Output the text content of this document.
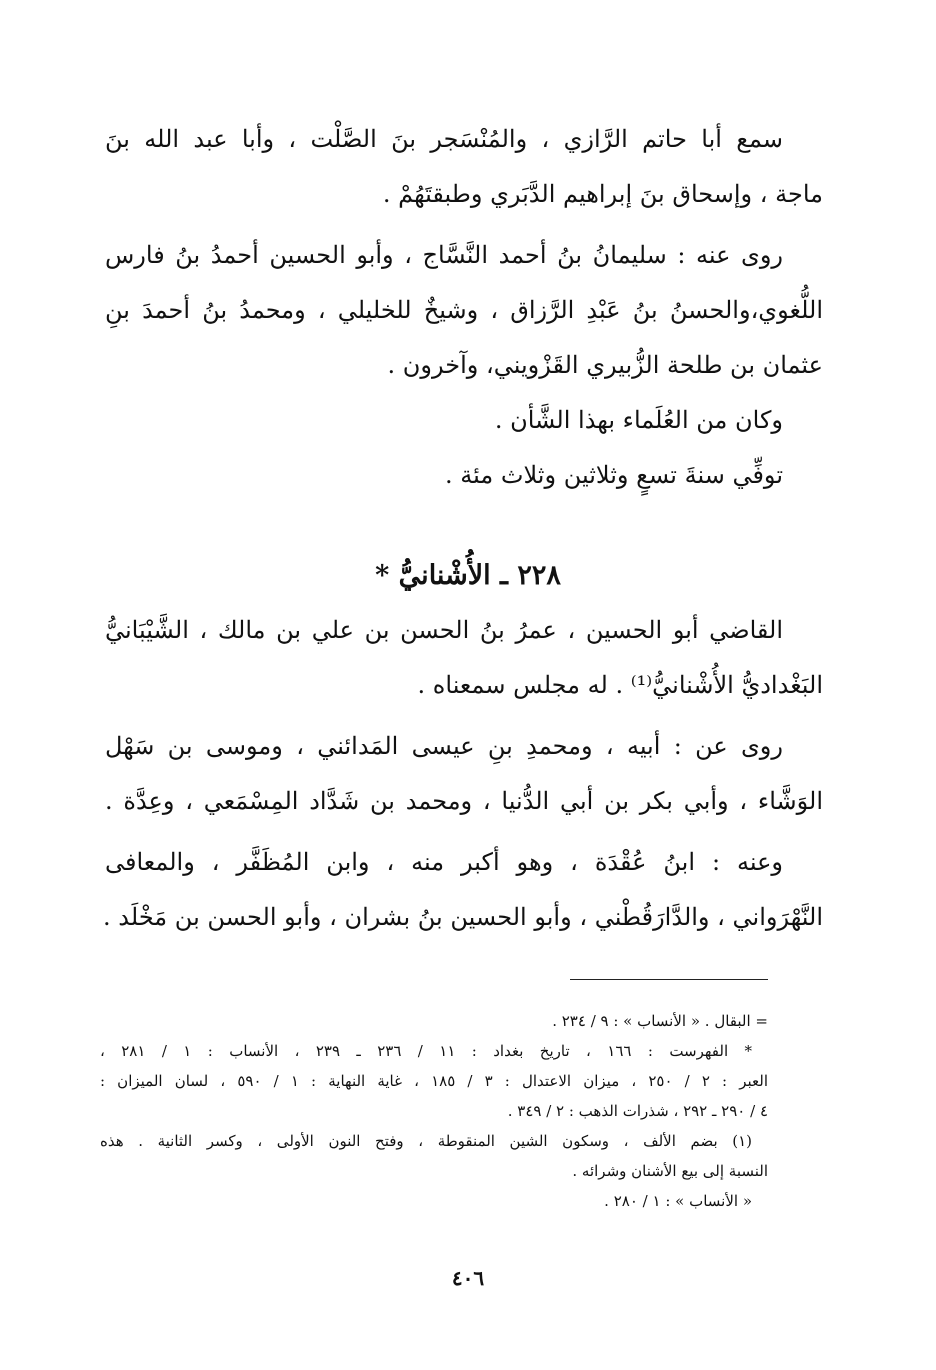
سمع أبا حاتم الرَّازي ، والمُنْسَجر بنَ الصَّلْت ، وأبا عبد الله بنَ
ماجة ، وإسحاق بنَ إبراهيم الدَّبَري وطبقتَهُمْ .
روى عنه : سليمانُ بنُ أحمد النَّسَّاج ، وأبو الحسين أحمدُ بنُ فارس
اللُّغوي،والحسنُ بنُ عَبْدِ الرَّزاق ، وشيخٌ للخليلي ، ومحمدُ بنُ أحمدَ بنِ
عثمان بن طلحة الزُّبيري القَزْويني، وآخرون .
وكان من العُلَماء بهذا الشَّأن .
توفِّي سنةَ تسعٍ وثلاثين وثلاث مئة .
٢٢٨ ـ الأُشْنانيُّ *
القاضي أبو الحسين ، عمرُ بنُ الحسن بن علي بن مالك ، الشَّيْبَانيُّ
البَغْداديُّ الأُشْنانيُّ⁽¹⁾ . له مجلس سمعناه .
روى عن : أبيه ، ومحمدِ بنِ عيسى المَدائني ، وموسى بن سَهْل
الوَشَّاء ، وأبي بكر بن أبي الدُّنيا ، ومحمد بن شَدَّاد المِسْمَعي ، وعِدَّة .
وعنه : ابنُ عُقْدَة ، وهو أكبر منه ، وابن المُظَفَّر ، والمعافى
النَّهْرَواني ، والدَّارَقُطْني ، وأبو الحسين بنُ بشران ، وأبو الحسن بن مَخْلَد .
= البقال . « الأنساب » : ٩ / ٢٣٤ .
* الفهرست : ١٦٦ ، تاريخ بغداد : ١١ / ٢٣٦ ـ ٢٣٩ ، الأنساب : ١ / ٢٨١ ،
العبر : ٢ / ٢٥٠ ، ميزان الاعتدال : ٣ / ١٨٥ ، غاية النهاية : ١ / ٥٩٠ ، لسان الميزان :
٤ / ٢٩٠ ـ ٢٩٢ ، شذرات الذهب : ٢ / ٣٤٩ .
(١) بضم الألف ، وسكون الشين المنقوطة ، وفتح النون الأولى ، وكسر الثانية . هذه
النسبة إلى بيع الأشنان وشرائه .
« الأنساب » : ١ / ٢٨٠ .
٤٠٦
